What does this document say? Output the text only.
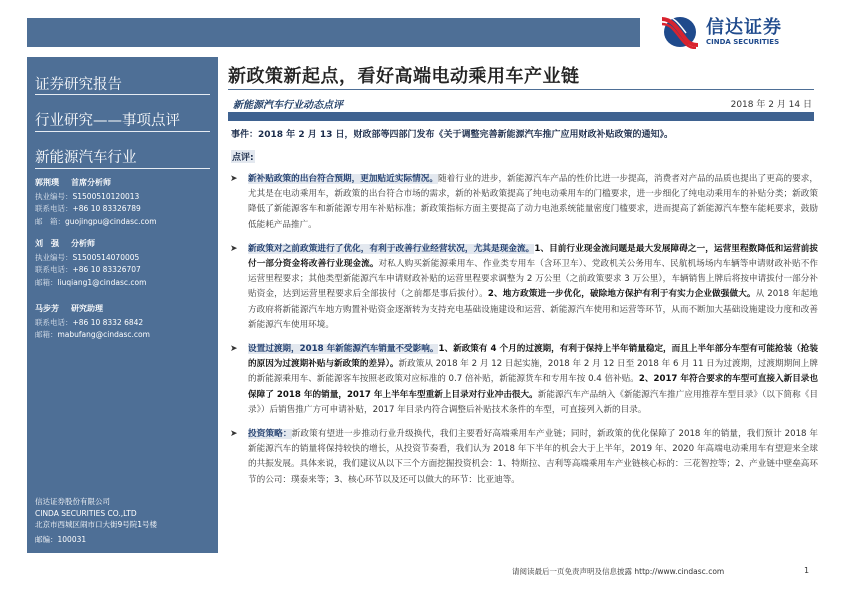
信达证券
CINDA SECURITIES
证券研究报告
行业研究——事项点评
新能源汽车行业
郭荆璞 首席分析师
执业编号：S1500510120013
联系电话：+86 10 83326789
邮　箱：guojingpu@cindasc.com
刘　强 分析师
执业编号：S1500514070005
联系电话：+86 10 83326707
邮箱：liuqiang1@cindasc.com
马步芳 研究助理
联系电话：+86 10 8332 6842
邮箱：mabufang@cindasc.com
信达证券股份有限公司
CINDA SECURITIES CO.,LTD
北京市西城区闹市口大街9号院1号楼
邮编：100031
新政策新起点，看好高端电动乘用车产业链
新能源汽车行业动态点评	2018 年 2 月 14 日
事件：2018 年 2 月 13 日，财政部等四部门发布《关于调整完善新能源汽车推广应用财政补贴政策的通知》。
点评:
➤ 新补贴政策的出台符合预期，更加贴近实际情况。随着行业的进步，新能源汽车产品的性价比进一步提高，消费者对产品的品质也提出了更高的要求，尤其是在电动乘用车，新政策的出台符合市场的需求，新的补贴政策提高了纯电动乘用车的门槛要求，进一步细化了纯电动乘用车的补贴分类；新政策降低了新能源客车和新能源专用车补贴标准；新政策指标方面主要提高了动力电池系统能量密度门槛要求，进而提高了新能源汽车整车能耗要求，鼓励低能耗产品推广。
➤ 新政策对之前政策进行了优化，有利于改善行业经营状况，尤其是现金流。1、目前行业现金流问题是最大发展障碍之一，运营里程数降低和运营前拔付一部分资金将改善行业现金流。对私人购买新能源乘用车、作业类专用车（含环卫车）、党政机关公务用车、民航机场场内车辆等申请财政补贴不作运营里程要求；其他类型新能源汽车申请财政补贴的运营里程要求调整为 2 万公里（之前政策要求 3 万公里），车辆销售上牌后将按申请拔付一部分补贴资金，达到运营里程要求后全部拔付（之前都是事后拔付）。2、地方政策进一步优化，破除地方保护有利于有实力企业做强做大。从 2018 年起地方政府将新能源汽车地方购置补贴资金逐渐转为支持充电基础设施建设和运营、新能源汽车使用和运营等环节，从而不断加大基础设施建设力度和改善新能源汽车使用环境。
➤ 设置过渡期，2018 年新能源汽车销量不受影响。1、新政策有 4 个月的过渡期，有利于保持上半年销量稳定，而且上半年部分车型有可能抢装（抢装的原因为过渡期补贴与新政策的差异）。新政策从 2018 年 2 月 12 日起实施，2018 年 2 月 12 日至 2018 年 6 月 11 日为过渡期，过渡期期间上牌的新能源乘用车、新能源客车按照老政策对应标准的 0.7 倍补贴，新能源货车和专用车按 0.4 倍补贴。2、2017 年符合要求的车型可直接入新目录也保障了 2018 年的销量，2017 年上半年车型重新上目录对行业冲击很大。新能源汽车产品纳入《新能源汽车推广应用推荐车型目录》（以下简称《目录》）后销售推广方可申请补贴，2017 年目录内符合调整后补贴技术条件的车型，可直接列入新的目录。
➤ 投资策略：新政策有望进一步推动行业升级换代，我们主要看好高端乘用车产业链；同时，新政策的优化保障了 2018 年的销量，我们预计 2018 年新能源汽车的销量将保持较快的增长，从投资节奏看，我们认为 2018 年下半年的机会大于上半年，2019 年、2020 年高端电动乘用车有望迎来全球的共振发展。具体来说，我们建议从以下三个方面挖掘投资机会：1、特斯拉、吉利等高端乘用车产业链核心标的：三花智控等；2、产业链中壁垒高环节的公司：璞泰来等；3、核心环节以及还可以做大的环节：比亚迪等。
请阅读最后一页免责声明及信息披露 http://www.cindasc.com	1
